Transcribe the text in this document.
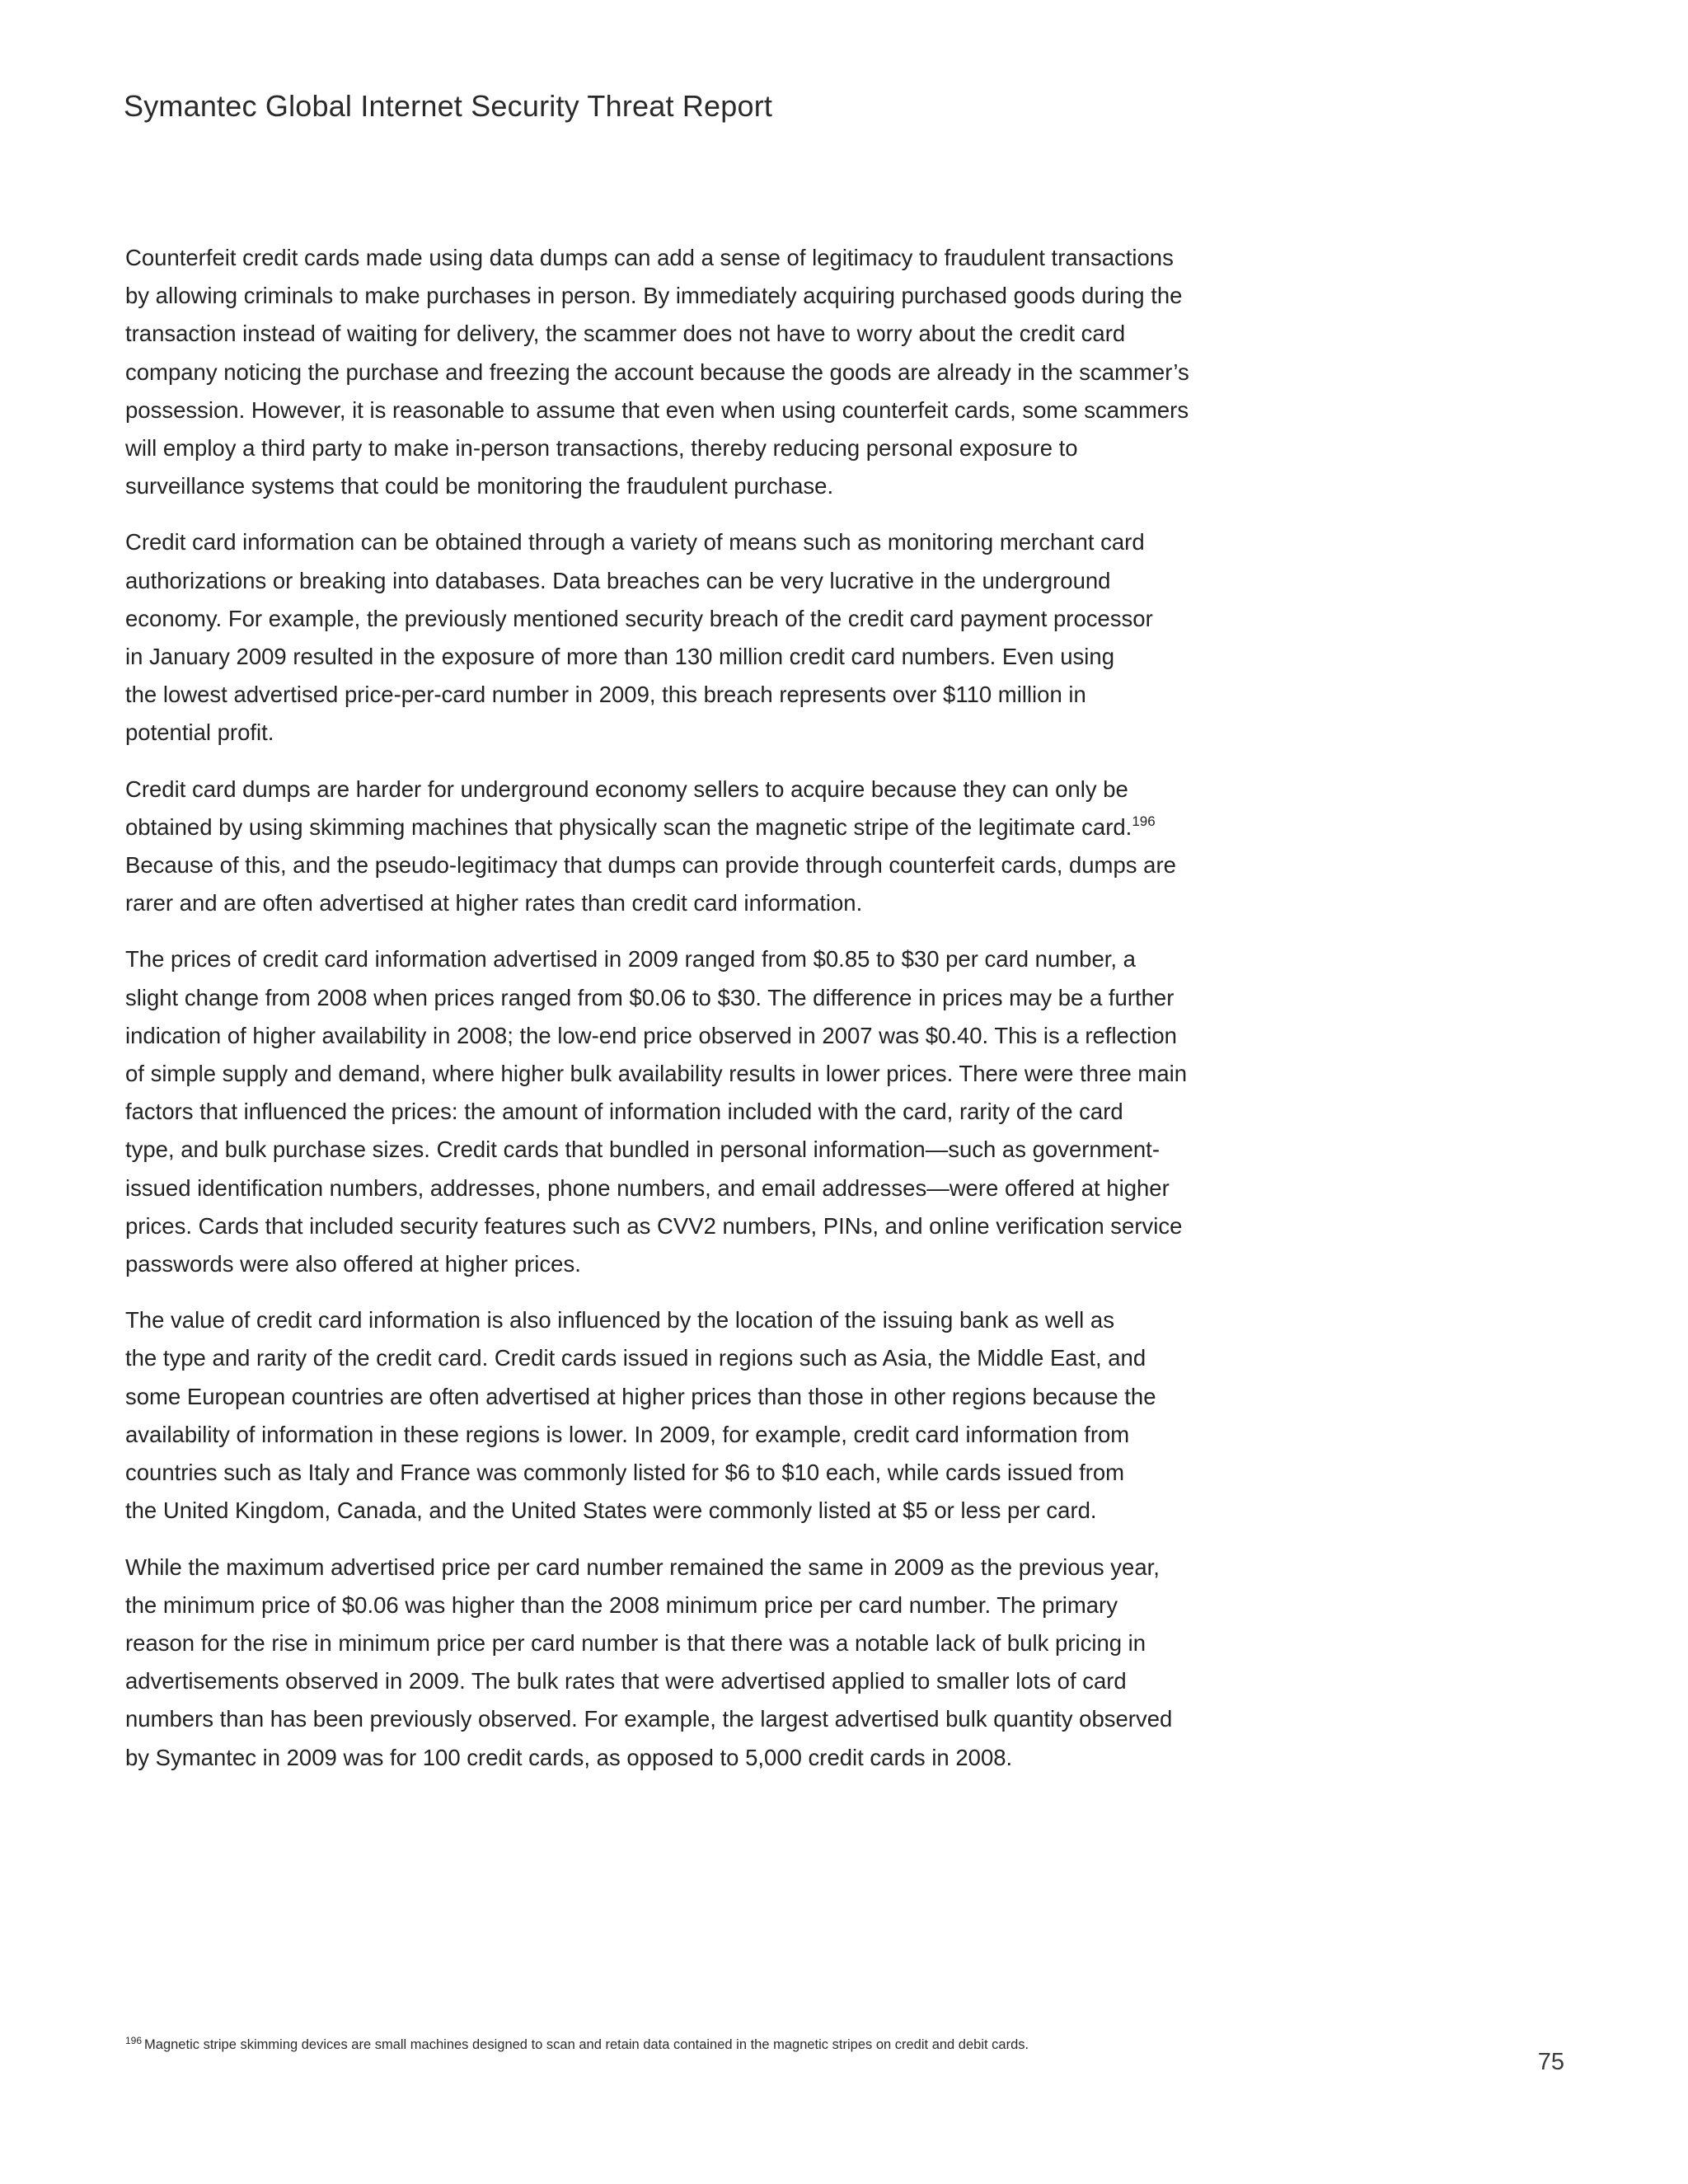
Symantec Global Internet Security Threat Report

Counterfeit credit cards made using data dumps can add a sense of legitimacy to fraudulent transactions
by allowing criminals to make purchases in person. By immediately acquiring purchased goods during the
transaction instead of waiting for delivery, the scammer does not have to worry about the credit card
company noticing the purchase and freezing the account because the goods are already in the scammer’s
possession. However, it is reasonable to assume that even when using counterfeit cards, some scammers
will employ a third party to make in-person transactions, thereby reducing personal exposure to
surveillance systems that could be monitoring the fraudulent purchase.

Credit card information can be obtained through a variety of means such as monitoring merchant card
authorizations or breaking into databases. Data breaches can be very lucrative in the underground
economy. For example, the previously mentioned security breach of the credit card payment processor
in January 2009 resulted in the exposure of more than 130 million credit card numbers. Even using
the lowest advertised price-per-card number in 2009, this breach represents over $110 million in
potential profit.

Credit card dumps are harder for underground economy sellers to acquire because they can only be
obtained by using skimming machines that physically scan the magnetic stripe of the legitimate card.$^{196}$
Because of this, and the pseudo-legitimacy that dumps can provide through counterfeit cards, dumps are
rarer and are often advertised at higher rates than credit card information.

The prices of credit card information advertised in 2009 ranged from $0.85 to $30 per card number, a
slight change from 2008 when prices ranged from $0.06 to $30. The difference in prices may be a further
indication of higher availability in 2008; the low-end price observed in 2007 was $0.40. This is a reflection
of simple supply and demand, where higher bulk availability results in lower prices. There were three main
factors that influenced the prices: the amount of information included with the card, rarity of the card
type, and bulk purchase sizes. Credit cards that bundled in personal information—such as government-
issued identification numbers, addresses, phone numbers, and email addresses—were offered at higher
prices. Cards that included security features such as CVV2 numbers, PINs, and online verification service
passwords were also offered at higher prices.

The value of credit card information is also influenced by the location of the issuing bank as well as
the type and rarity of the credit card. Credit cards issued in regions such as Asia, the Middle East, and
some European countries are often advertised at higher prices than those in other regions because the
availability of information in these regions is lower. In 2009, for example, credit card information from
countries such as Italy and France was commonly listed for $6 to $10 each, while cards issued from
the United Kingdom, Canada, and the United States were commonly listed at $5 or less per card.

While the maximum advertised price per card number remained the same in 2009 as the previous year,
the minimum price of $0.06 was higher than the 2008 minimum price per card number. The primary
reason for the rise in minimum price per card number is that there was a notable lack of bulk pricing in
advertisements observed in 2009. The bulk rates that were advertised applied to smaller lots of card
numbers than has been previously observed. For example, the largest advertised bulk quantity observed
by Symantec in 2009 was for 100 credit cards, as opposed to 5,000 credit cards in 2008.

$^{196}$ Magnetic stripe skimming devices are small machines designed to scan and retain data contained in the magnetic stripes on credit and debit cards.
75
